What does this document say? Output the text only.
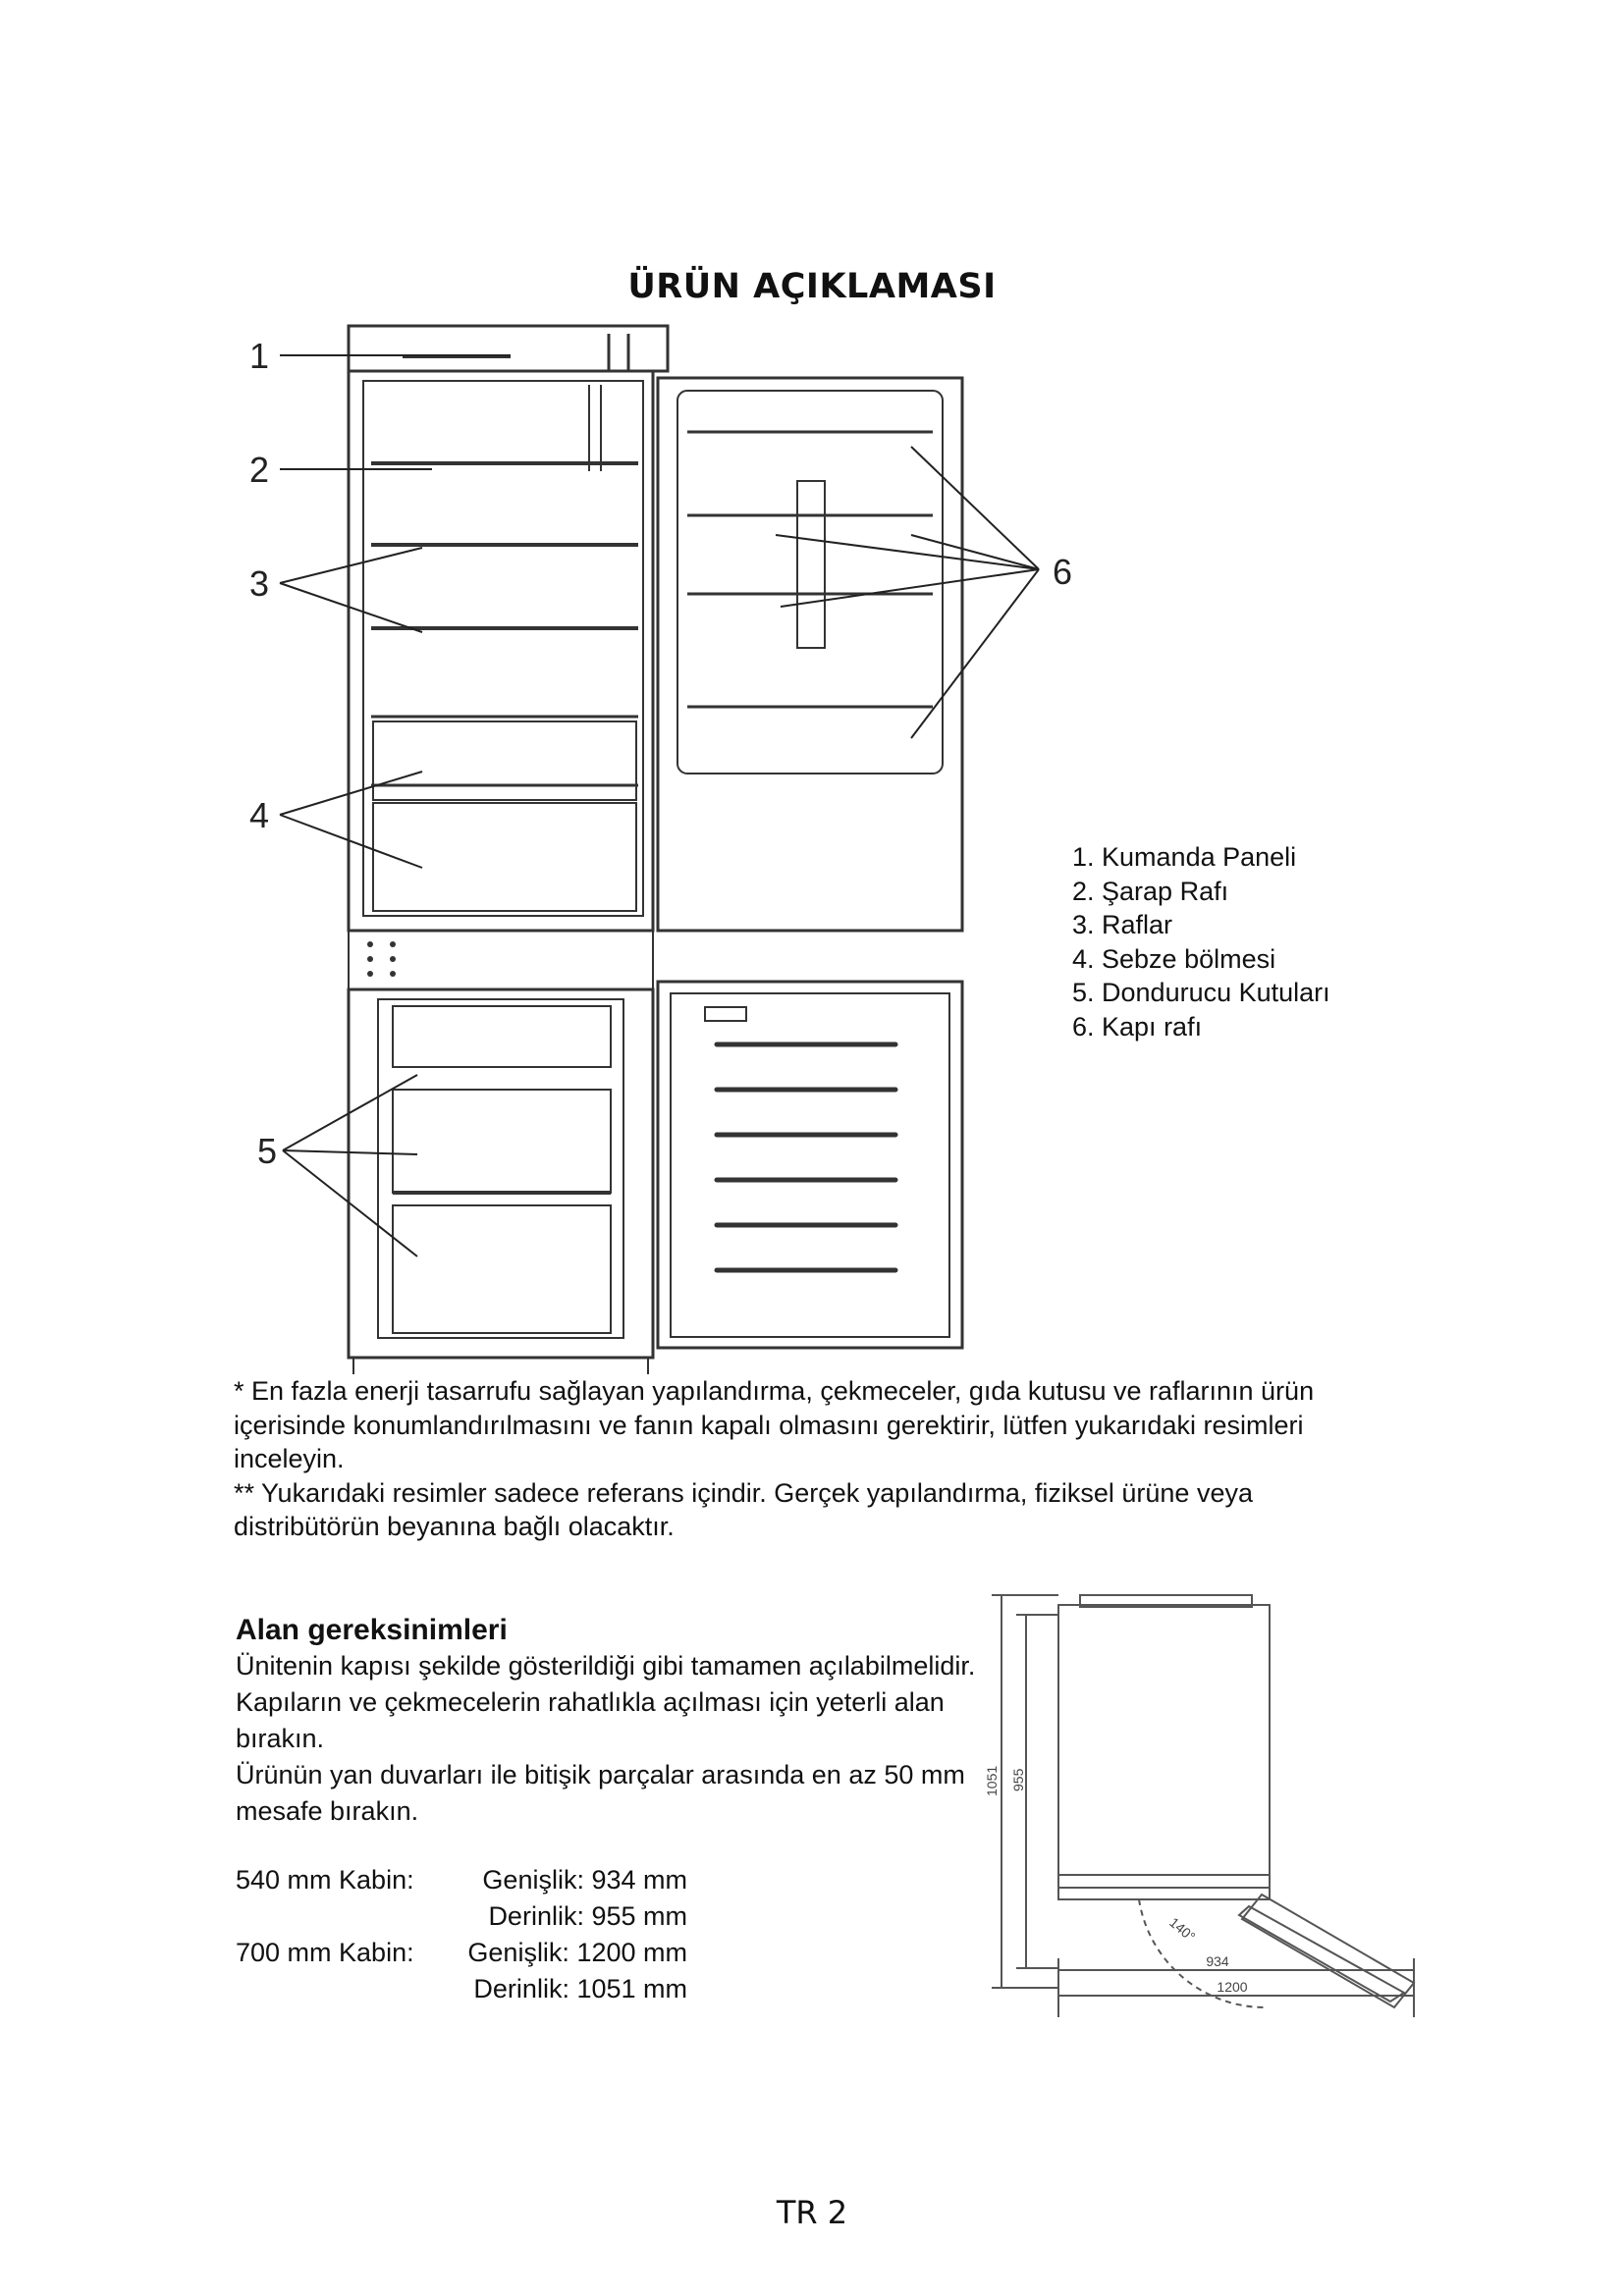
ÜRÜN AÇIKLAMASI
1
2
3
4
5
6
1. Kumanda Paneli
2. Şarap Rafı
3. Raflar
4. Sebze bölmesi
5. Dondurucu Kutuları
6. Kapı rafı

* En fazla enerji tasarrufu sağlayan yapılandırma, çekmeceler, gıda kutusu ve raflarının ürün içerisinde konumlandırılmasını ve fanın kapalı olmasını gerektirir, lütfen yukarıdaki resimleri inceleyin.

** Yukarıdaki resimler sadece referans içindir. Gerçek yapılandırma, fiziksel ürüne veya distribütörün beyanına bağlı olacaktır.

Alan gereksinimleri

Ünitenin kapısı şekilde gösterildiği gibi tamamen açılabilmelidir. Kapıların ve çekmecelerin rahatlıkla açılması için yeterli alan bırakın.

Ürünün yan duvarları ile bitişik parçalar arasında en az 50 mm mesafe bırakın.

540 mm Kabin:	Genişlik: 934 mm
Derinlik: 955 mm
700 mm Kabin:	Genişlik: 1200 mm
Derinlik: 1051 mm
1051 955
140°
934
1200
TR 2
